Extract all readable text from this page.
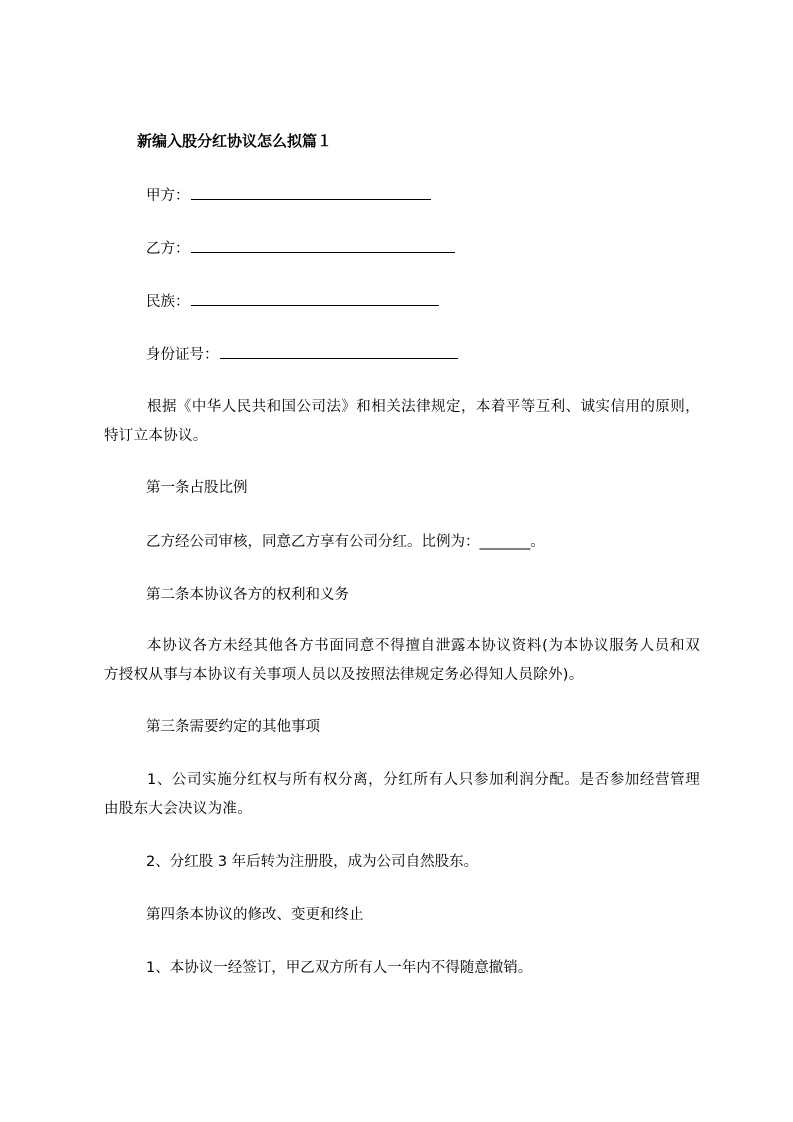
新编入股分红协议怎么拟篇１
甲方：
乙方：
民族：
身份证号：
根据《中华人民共和国公司法》和相关法律规定，本着平等互利、诚实信用的原则，特订立本协议。
第一条占股比例
乙方经公司审核，同意乙方享有公司分红。比例为：_______。
第二条本协议各方的权利和义务
本协议各方未经其他各方书面同意不得擅自泄露本协议资料(为本协议服务人员和双方授权从事与本协议有关事项人员以及按照法律规定务必得知人员除外)。
第三条需要约定的其他事项
1、公司实施分红权与所有权分离，分红所有人只参加利润分配。是否参加经营管理由股东大会决议为准。
2、分红股 3 年后转为注册股，成为公司自然股东。
第四条本协议的修改、变更和终止
1、本协议一经签订，甲乙双方所有人一年内不得随意撤销。
